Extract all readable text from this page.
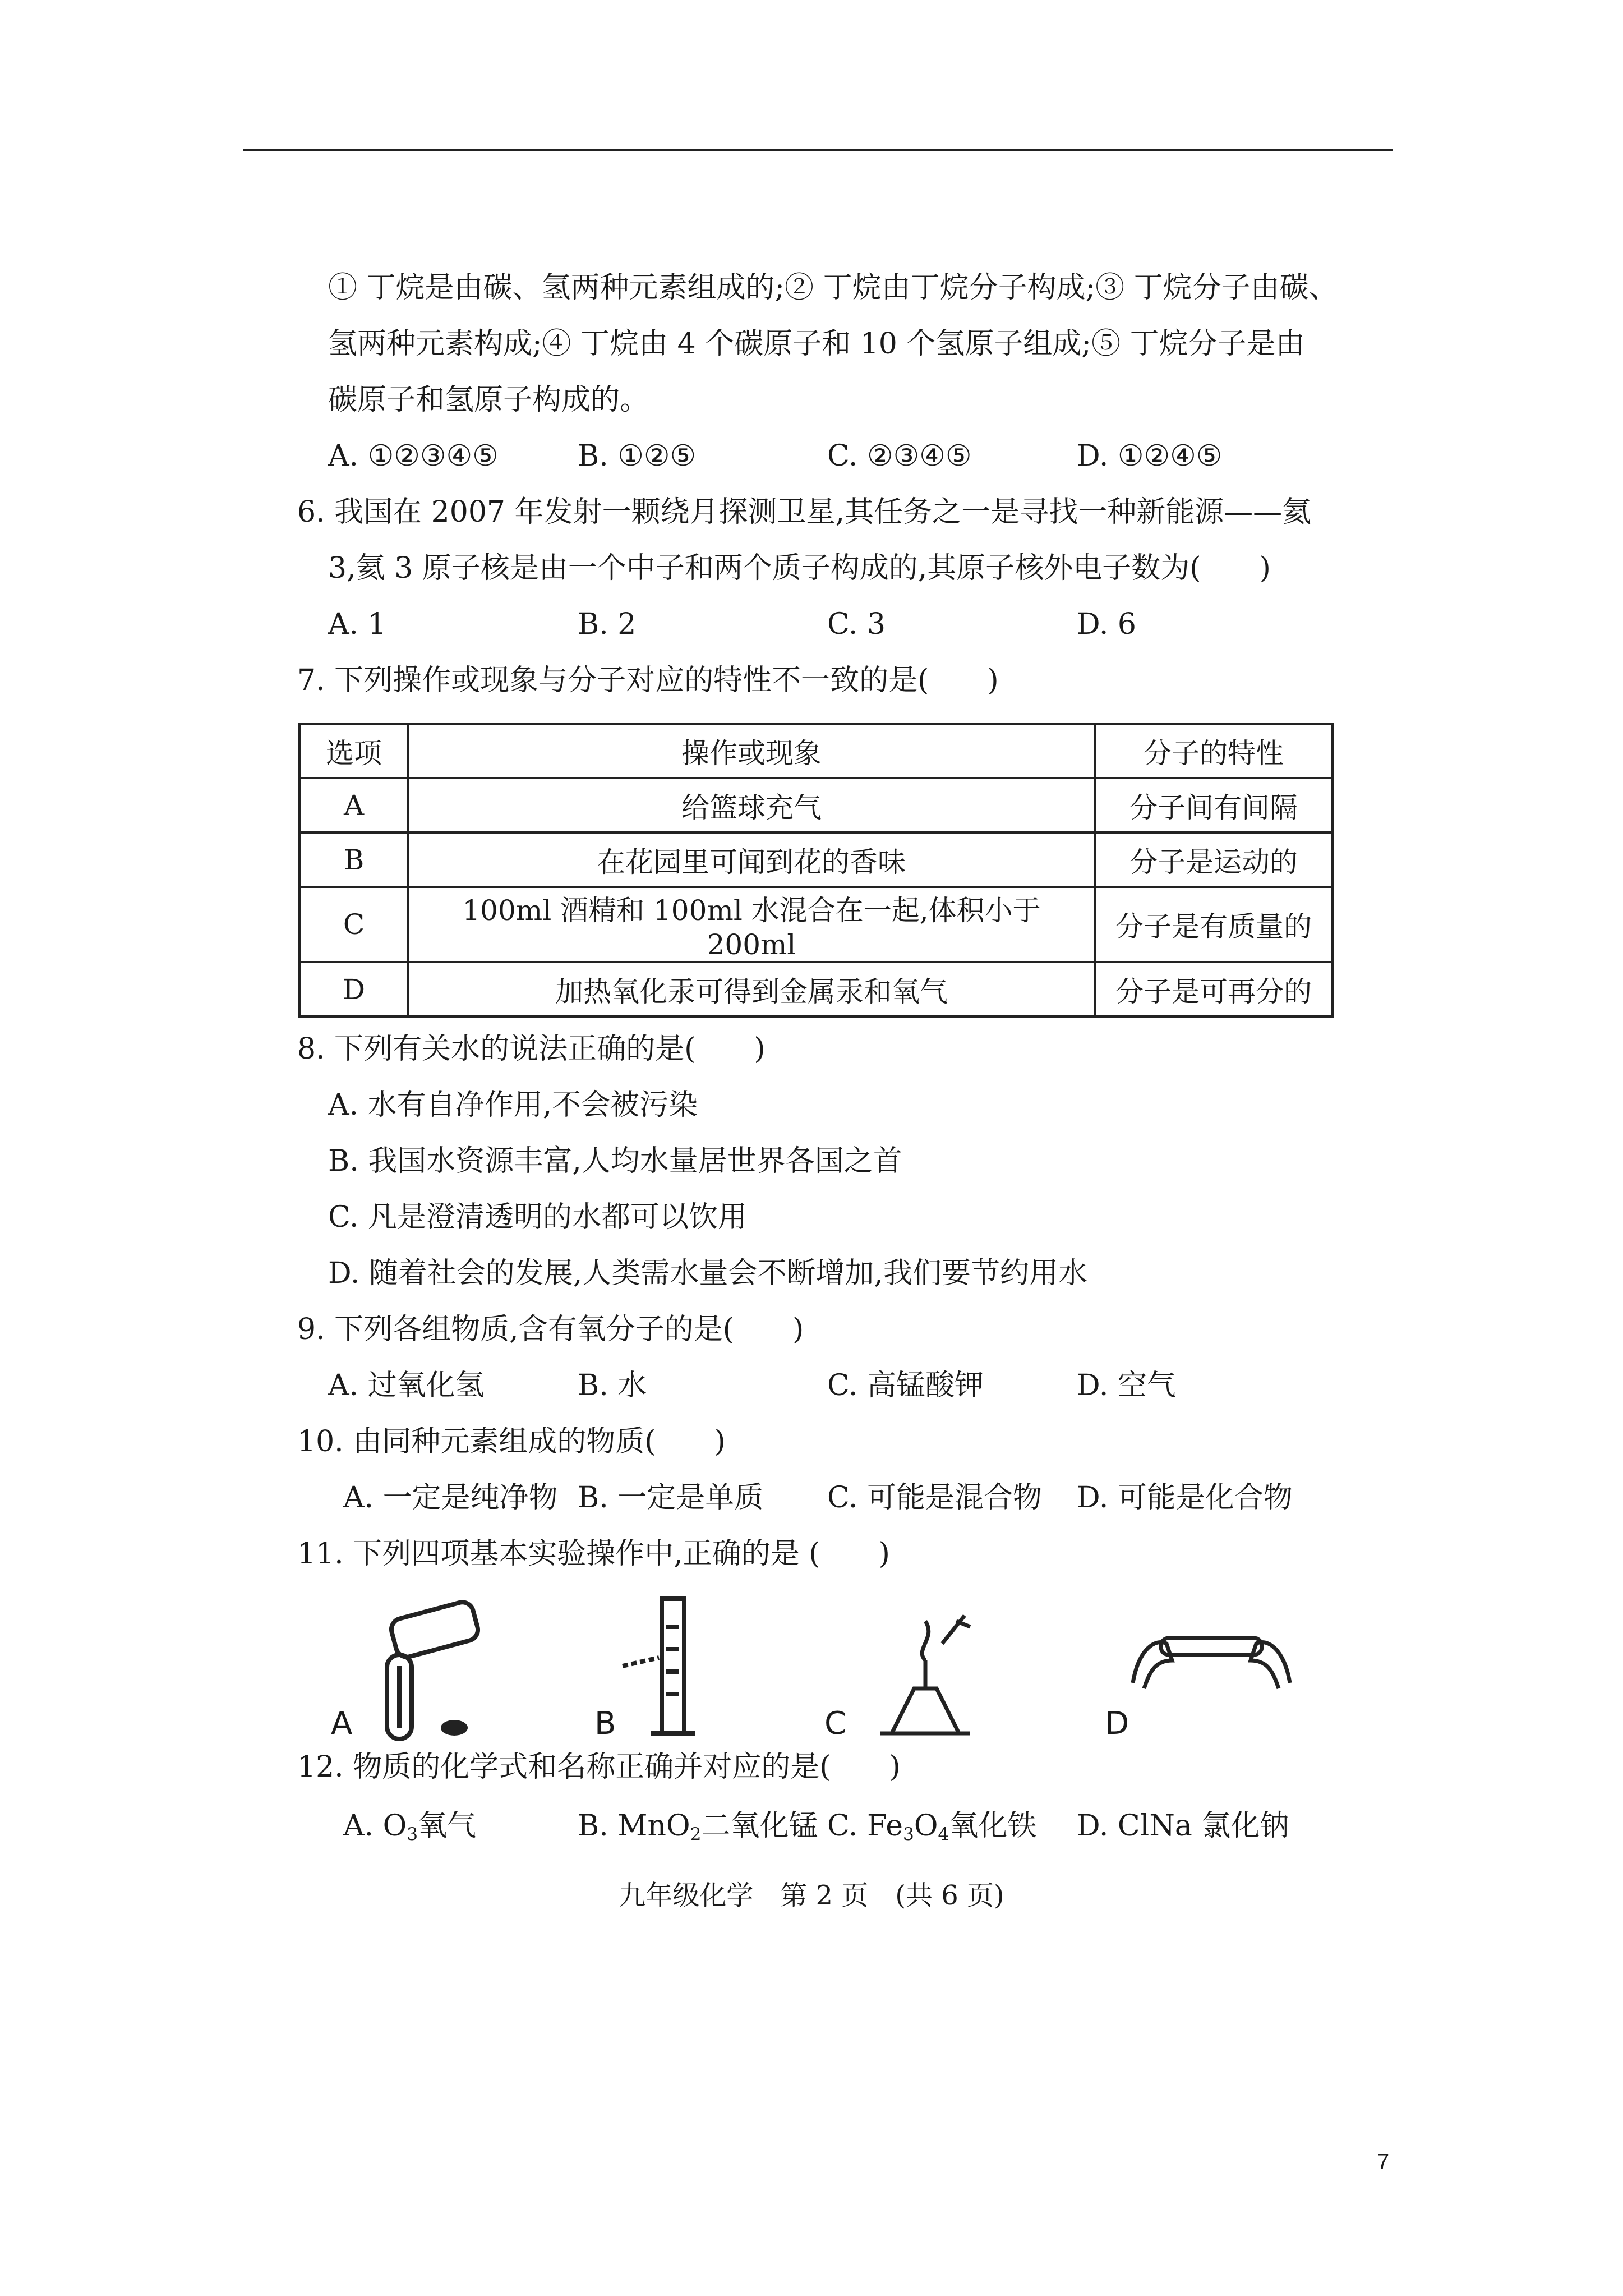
① 丁烷是由碳、氢两种元素组成的;② 丁烷由丁烷分子构成;③ 丁烷分子由碳、
氢两种元素构成;④ 丁烷由 4 个碳原子和 10 个氢原子组成;⑤ 丁烷分子是由
碳原子和氢原子构成的。
A. ①②③④⑤	B. ①②⑤	C. ②③④⑤	D. ①②④⑤
6. 我国在 2007 年发射一颗绕月探测卫星,其任务之一是寻找一种新能源——氦
3,氦 3 原子核是由一个中子和两个质子构成的,其原子核外电子数为(　　)
A. 1	B. 2	C. 3	D. 6
7. 下列操作或现象与分子对应的特性不一致的是(　　)
选项	操作或现象	分子的特性
A	给篮球充气	分子间有间隔
B	在花园里可闻到花的香味	分子是运动的
C	100ml 酒精和 100ml 水混合在一起,体积小于 200ml	分子是有质量的
D	加热氧化汞可得到金属汞和氧气	分子是可再分的
8. 下列有关水的说法正确的是(　　)
A. 水有自净作用,不会被污染
B. 我国水资源丰富,人均水量居世界各国之首
C. 凡是澄清透明的水都可以饮用
D. 随着社会的发展,人类需水量会不断增加,我们要节约用水
9. 下列各组物质,含有氧分子的是(　　)
A. 过氧化氢	B. 水	C. 高锰酸钾	D. 空气
10. 由同种元素组成的物质(　　)
A. 一定是纯净物 B. 一定是单质 C. 可能是混合物 D. 可能是化合物
11. 下列四项基本实验操作中,正确的是 (　　)
A	B	C	D
12. 物质的化学式和名称正确并对应的是(　　)
A. $O_3$氧气	B. MnO$_2$二氧化锰 C. $Fe_3O_4$氧化铁 D. ClNa 氯化钠
九年级化学　第 2 页　(共 6 页)
7
